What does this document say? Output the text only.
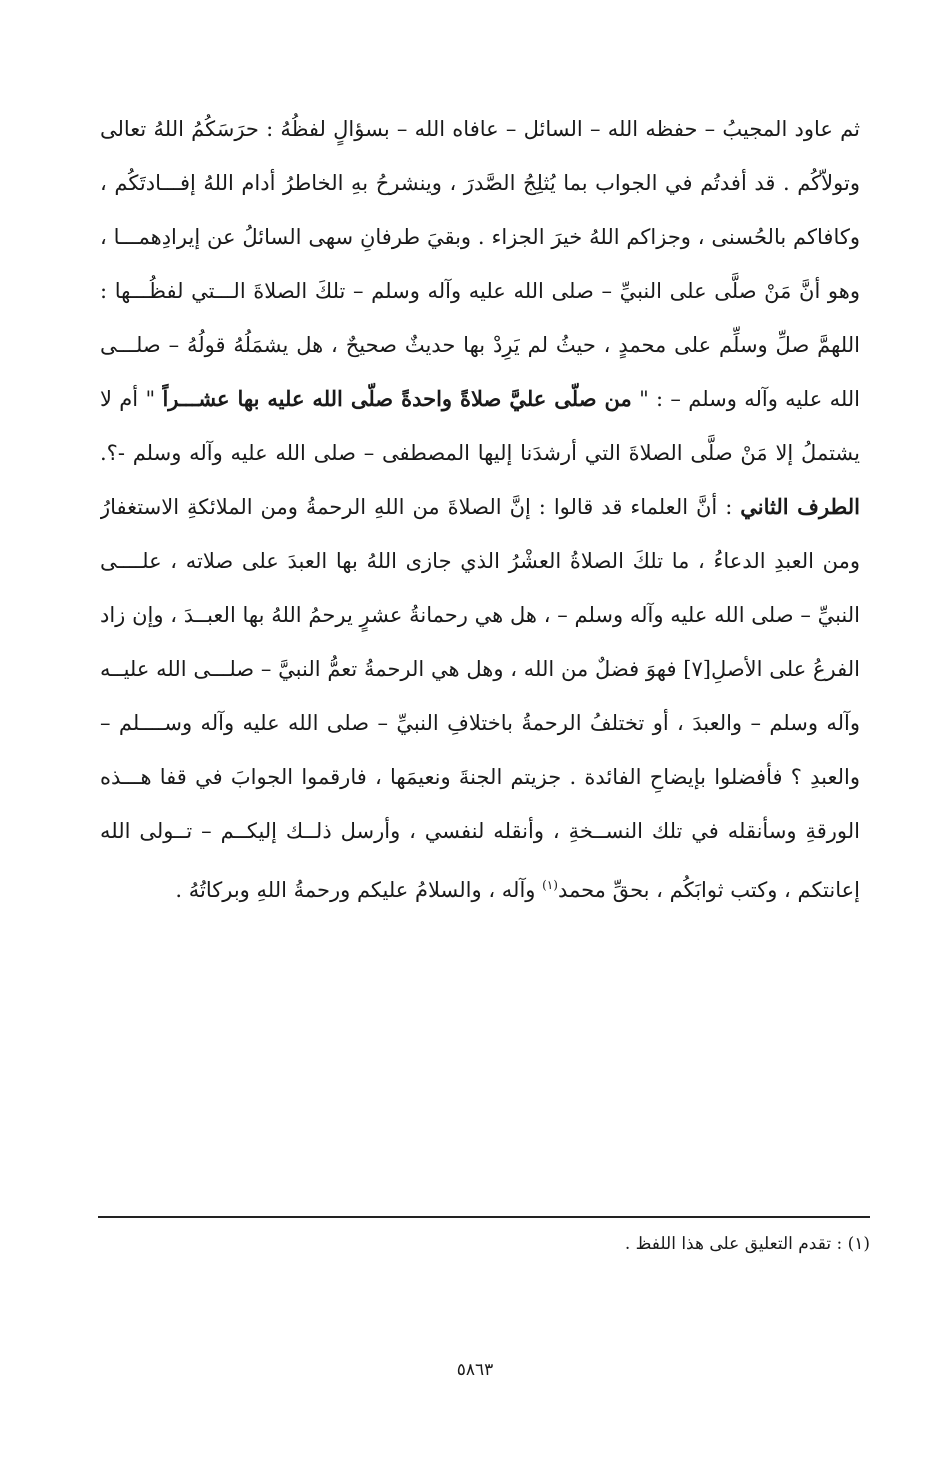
ثم عاود المجيبُ – حفظه الله – السائل – عافاه الله – بسؤالٍ لفظُهُ : حرَسَكُمُ اللهُ تعالى
وتولاّكُم . قد أفدتُم في الجواب بما يُثلِجُ الصَّدرَ ، وينشرحُ بهِ الخاطرُ أدام اللهُ إفـــادتَكُم ،
وكافاكم بالحُسنى ، وجزاكم اللهُ خيرَ الجزاء . وبقيَ طرفانِ سهى السائلُ عن إيرادِهمـــا ،
وهو أنَّ مَنْ صلَّى على النبيِّ – صلى الله عليه وآله وسلم – تلكَ الصلاةَ الـــتي لفظُـــها :
اللهمَّ صلِّ وسلِّم على محمدٍ ، حيثُ لم يَرِدْ بها حديثٌ صحيحٌ ، هل يشمَلُهُ قولُهُ – صلـــى
الله عليه وآله وسلم – : " من صلّى عليَّ صلاةً واحدةً صلّى الله عليه بها عشـــراً " أم لا
يشتملُ إلا مَنْ صلَّى الصلاةَ التي أرشدَنا إليها المصطفى – صلى الله عليه وآله وسلم -؟.
الطرف الثاني : أنَّ العلماء قد قالوا : إنَّ الصلاةَ من اللهِ الرحمةُ ومن الملائكةِ الاستغفارُ
ومن العبدِ الدعاءُ ، ما تلكَ الصلاةُ العشْرُ الذي جازى اللهُ بها العبدَ على صلاته ، علــــى
النبيِّ – صلى الله عليه وآله وسلم – ، هل هي رحمانةُ عشرٍ يرحمُ اللهُ بها العبــدَ ، وإن زاد
الفرعُ على الأصلِ[٧] فهوَ فضلٌ من الله ، وهل هي الرحمةُ تعمُّ النبيَّ – صلـــى الله عليــه
وآله وسلم – والعبدَ ، أو تختلفُ الرحمةُ باختلافِ النبيِّ – صلى الله عليه وآله وســــلم –
والعبدِ ؟ فأفضلوا بإيضاحِ الفائدة . جزيتم الجنةَ ونعيمَها ، فارقموا الجوابَ في قفا هـــذه
الورقةِ وسأنقله في تلك النســخةِ ، وأنقله لنفسي ، وأرسل ذلــك إليكــم – تــولى الله
إعانتكم ، وكتب ثوابَكُم ، بحقِّ محمد$^{(١)}$ وآله ، والسلامُ عليكم ورحمةُ اللهِ وبركاتُهُ .
(١) : تقدم التعليق على هذا اللفظ .
٥٨٦٣
